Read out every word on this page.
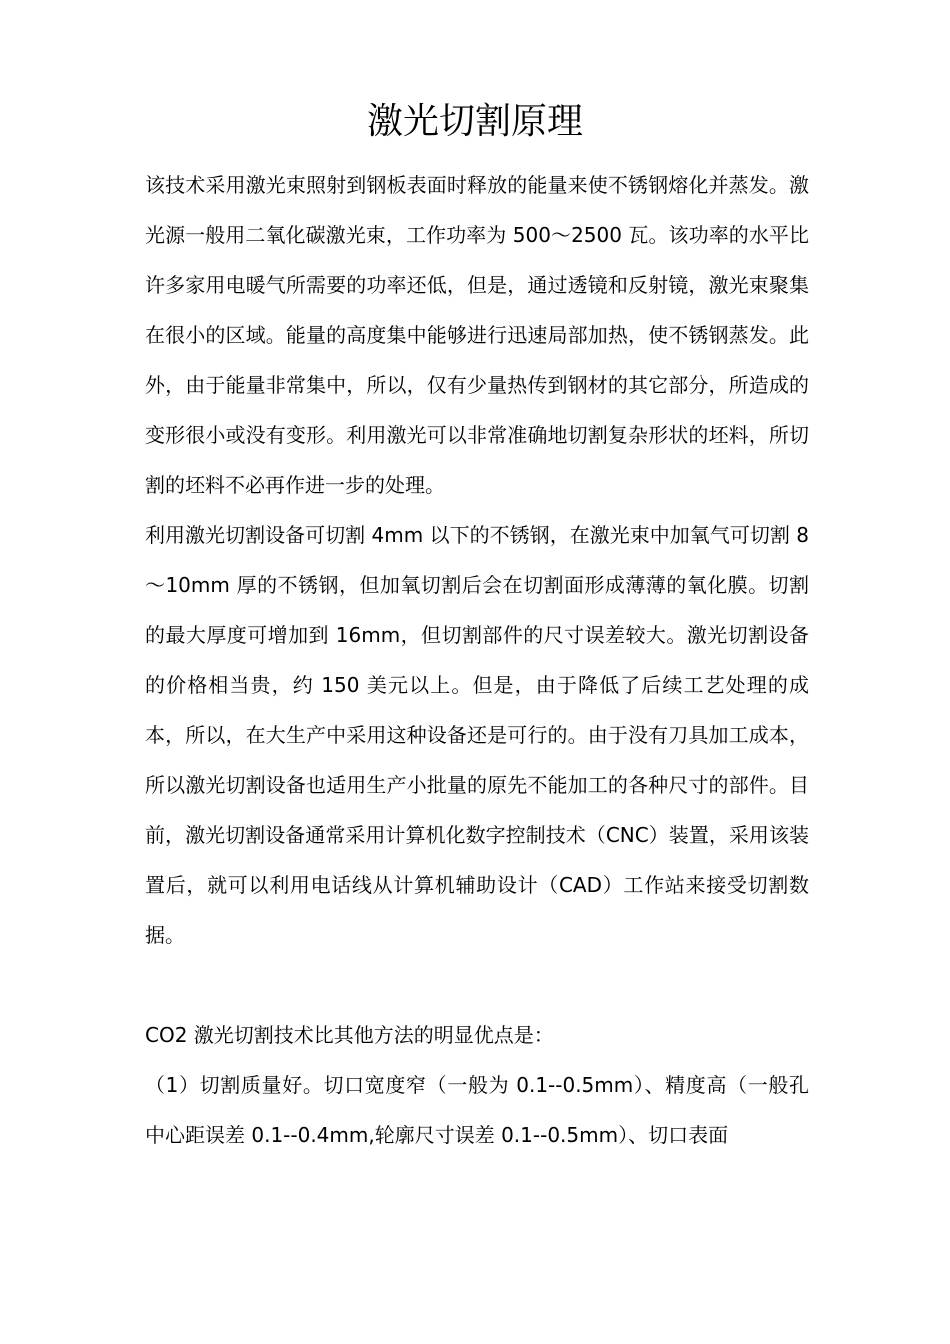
激光切割原理

该技术采用激光束照射到钢板表面时释放的能量来使不锈钢熔化并蒸发。激光源一般用二氧化碳激光束，工作功率为 500～2500 瓦。该功率的水平比许多家用电暖气所需要的功率还低，但是，通过透镜和反射镜，激光束聚集在很小的区域。能量的高度集中能够进行迅速局部加热，使不锈钢蒸发。此外，由于能量非常集中，所以，仅有少量热传到钢材的其它部分，所造成的变形很小或没有变形。利用激光可以非常准确地切割复杂形状的坯料，所切割的坯料不必再作进一步的处理。

利用激光切割设备可切割 4mm 以下的不锈钢，在激光束中加氧气可切割 8～10mm 厚的不锈钢，但加氧切割后会在切割面形成薄薄的氧化膜。切割的最大厚度可增加到 16mm，但切割部件的尺寸误差较大。激光切割设备的价格相当贵，约 150 美元以上。但是，由于降低了后续工艺处理的成本，所以，在大生产中采用这种设备还是可行的。由于没有刀具加工成本，所以激光切割设备也适用生产小批量的原先不能加工的各种尺寸的部件。目前，激光切割设备通常采用计算机化数字控制技术（CNC）装置，采用该装置后，就可以利用电话线从计算机辅助设计（CAD）工作站来接受切割数据。

CO2 激光切割技术比其他方法的明显优点是：

（1）切割质量好。切口宽度窄（一般为 0.1--0.5mm）、精度高（一般孔中心距误差 0.1--0.4mm,轮廓尺寸误差 0.1--0.5mm）、切口表面
